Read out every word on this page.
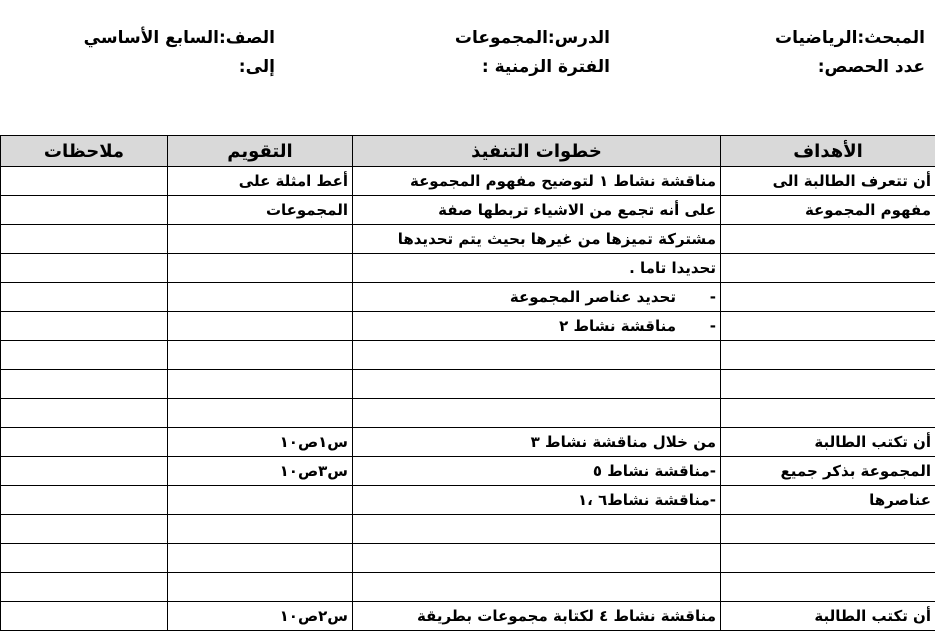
المبحث:الرياضيات
عدد الحصص:
الدرس:المجموعات
الفترة الزمنية :
الصف:السابع الأساسي
إلى:
الأهداف	خطوات التنفيذ	التقويم	ملاحظات
أن تتعرف الطالبة الى	مناقشة نشاط ١ لتوضيح مفهوم المجموعة	أعط امثلة على	
مفهوم المجموعة	على أنه تجمع من الاشياء تربطها صفة	المجموعات	
	مشتركة تميزها من غيرها بحيث يتم تحديدها		
	تحديدا تاما .		
	-تحديد عناصر المجموعة		
	-مناقشة نشاط ٢		

أن تكتب الطالبة	من خلال مناقشة نشاط ٣	س١ص١٠	
المجموعة بذكر جميع	-مناقشة نشاط ٥	س٣ص١٠	
عناصرها	-مناقشة نشاط٦ ،١		

أن تكتب الطالبة	مناقشة نشاط ٤ لكتابة مجموعات بطريقة	س٢ص١٠	
